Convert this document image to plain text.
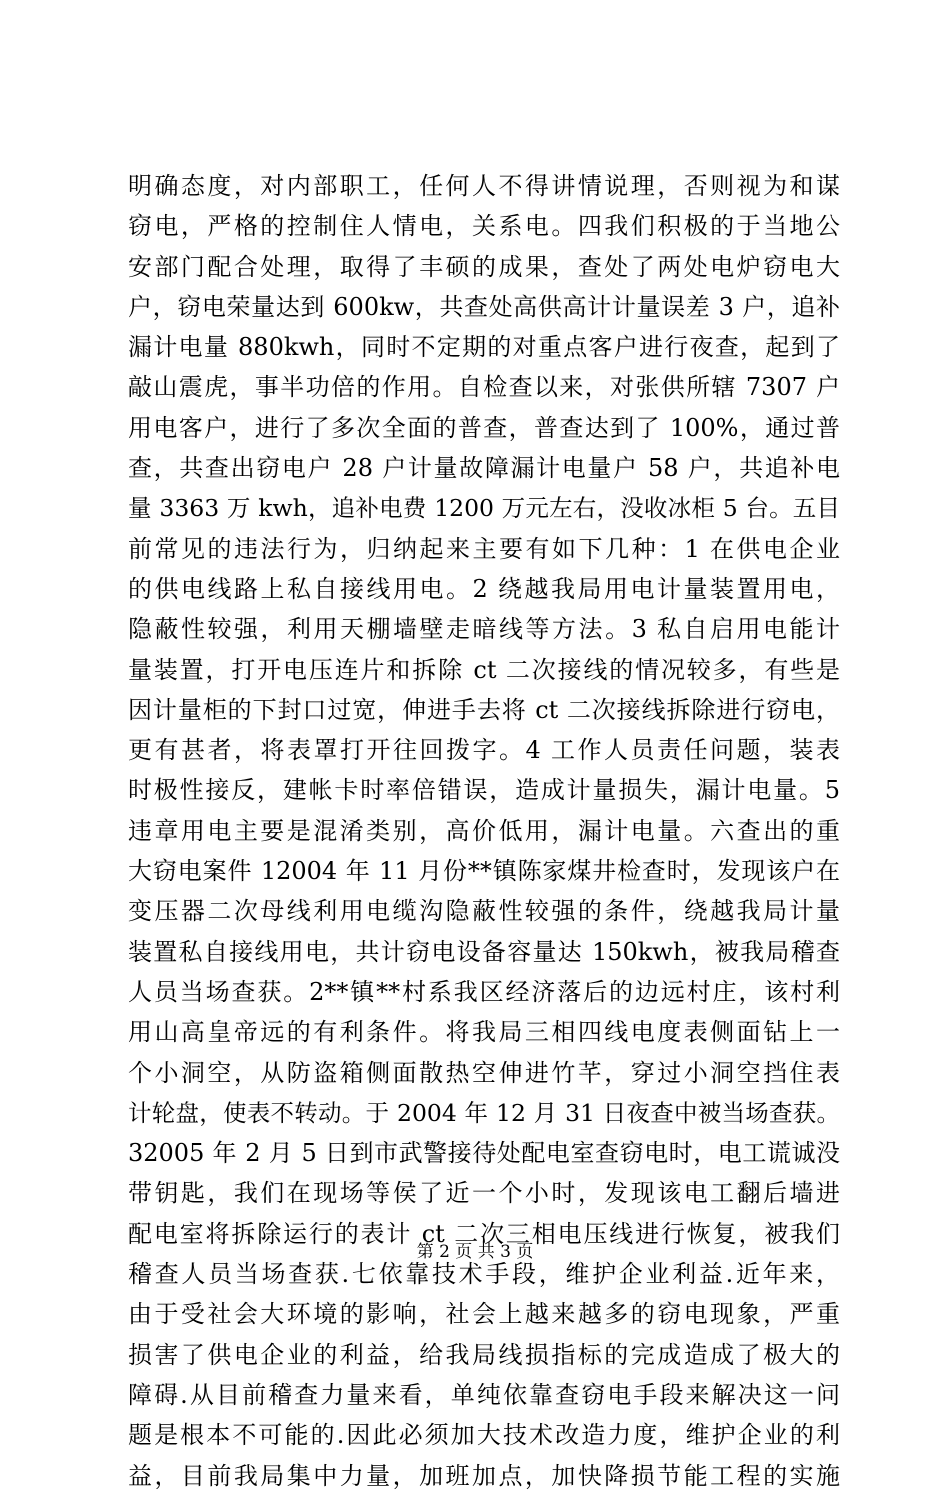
明确态度，对内部职工，任何人不得讲情说理，否则视为和谋
窃电，严格的控制住人情电，关系电。四我们积极的于当地公
安部门配合处理，取得了丰硕的成果，查处了两处电炉窃电大
户，窃电荣量达到 600kw，共查处高供高计计量误差 3 户，追补
漏计电量 880kwh，同时不定期的对重点客户进行夜查，起到了
敲山震虎，事半功倍的作用。自检查以来，对张供所辖 7307 户
用电客户，进行了多次全面的普查，普查达到了 100%，通过普
查，共查出窃电户 28 户计量故障漏计电量户 58 户，共追补电
量 3363 万 kwh，追补电费 1200 万元左右，没收冰柜 5 台。五目
前常见的违法行为，归纳起来主要有如下几种：1 在供电企业
的供电线路上私自接线用电。2 绕越我局用电计量装置用电，
隐蔽性较强，利用天棚墙壁走暗线等方法。3 私自启用电能计
量装置，打开电压连片和拆除 ct 二次接线的情况较多，有些是
因计量柜的下封口过宽，伸进手去将 ct 二次接线拆除进行窃电，
更有甚者，将表罩打开往回拨字。4 工作人员责任问题，装表
时极性接反，建帐卡时率倍错误，造成计量损失，漏计电量。5
违章用电主要是混淆类别，高价低用，漏计电量。六查出的重
大窃电案件 12004 年 11 月份**镇陈家煤井检查时，发现该户在
变压器二次母线利用电缆沟隐蔽性较强的条件，绕越我局计量
装置私自接线用电，共计窃电设备容量达 150kwh，被我局稽查
人员当场查获。2**镇**村系我区经济落后的边远村庄，该村利
用山高皇帝远的有利条件。将我局三相四线电度表侧面钻上一
个小洞空，从防盗箱侧面散热空伸进竹芊，穿过小洞空挡住表
计轮盘，使表不转动。于 2004 年 12 月 31 日夜查中被当场查获。
32005 年 2 月 5 日到市武警接待处配电室查窃电时，电工谎诚没
带钥匙，我们在现场等侯了近一个小时，发现该电工翻后墙进
配电室将拆除运行的表计 ct 二次三相电压线进行恢复，被我们
稽查人员当场查获.七依靠技术手段，维护企业利益.近年来，
由于受社会大环境的影响，社会上越来越多的窃电现象，严重
损害了供电企业的利益，给我局线损指标的完成造成了极大的
障碍.从目前稽查力量来看，单纯依靠查窃电手段来解决这一问
题是根本不可能的.因此必须加大技术改造力度，维护企业的利
益，目前我局集中力量，加班加点，加快降损节能工程的实施
第 2 页 共 3 页
